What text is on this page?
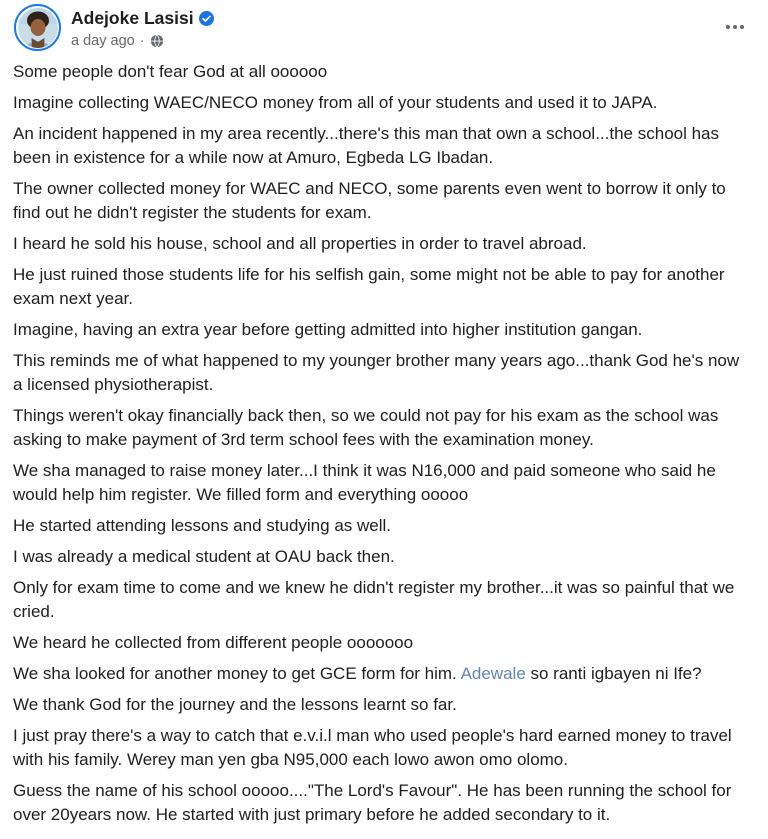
Adejoke Lasisi
a day ago ·

Some people don't fear God at all oooooo

Imagine collecting WAEC/NECO money from all of your students and used it to JAPA.

An incident happened in my area recently...there's this man that own a school...the school has been in existence for a while now at Amuro, Egbeda LG Ibadan.

The owner collected money for WAEC and NECO, some parents even went to borrow it only to find out he didn't register the students for exam.

I heard he sold his house, school and all properties in order to travel abroad.

He just ruined those students life for his selfish gain, some might not be able to pay for another exam next year.

Imagine, having an extra year before getting admitted into higher institution gangan.

This reminds me of what happened to my younger brother many years ago...thank God he's now a licensed physiotherapist.

Things weren't okay financially back then, so we could not pay for his exam as the school was asking to make payment of 3rd term school fees with the examination money.

We sha managed to raise money later...I think it was N16,000 and paid someone who said he would help him register. We filled form and everything ooooo

He started attending lessons and studying as well.

I was already a medical student at OAU back then.

Only for exam time to come and we knew he didn't register my brother...it was so painful that we cried.

We heard he collected from different people ooooooo

We sha looked for another money to get GCE form for him. Adewale so ranti igbayen ni Ife?

We thank God for the journey and the lessons learnt so far.

I just pray there's a way to catch that e.v.i.l man who used people's hard earned money to travel with his family. Werey man yen gba N95,000 each lowo awon omo olomo.

Guess the name of his school ooooo...."The Lord's Favour". He has been running the school for over 20years now. He started with just primary before he added secondary to it.
